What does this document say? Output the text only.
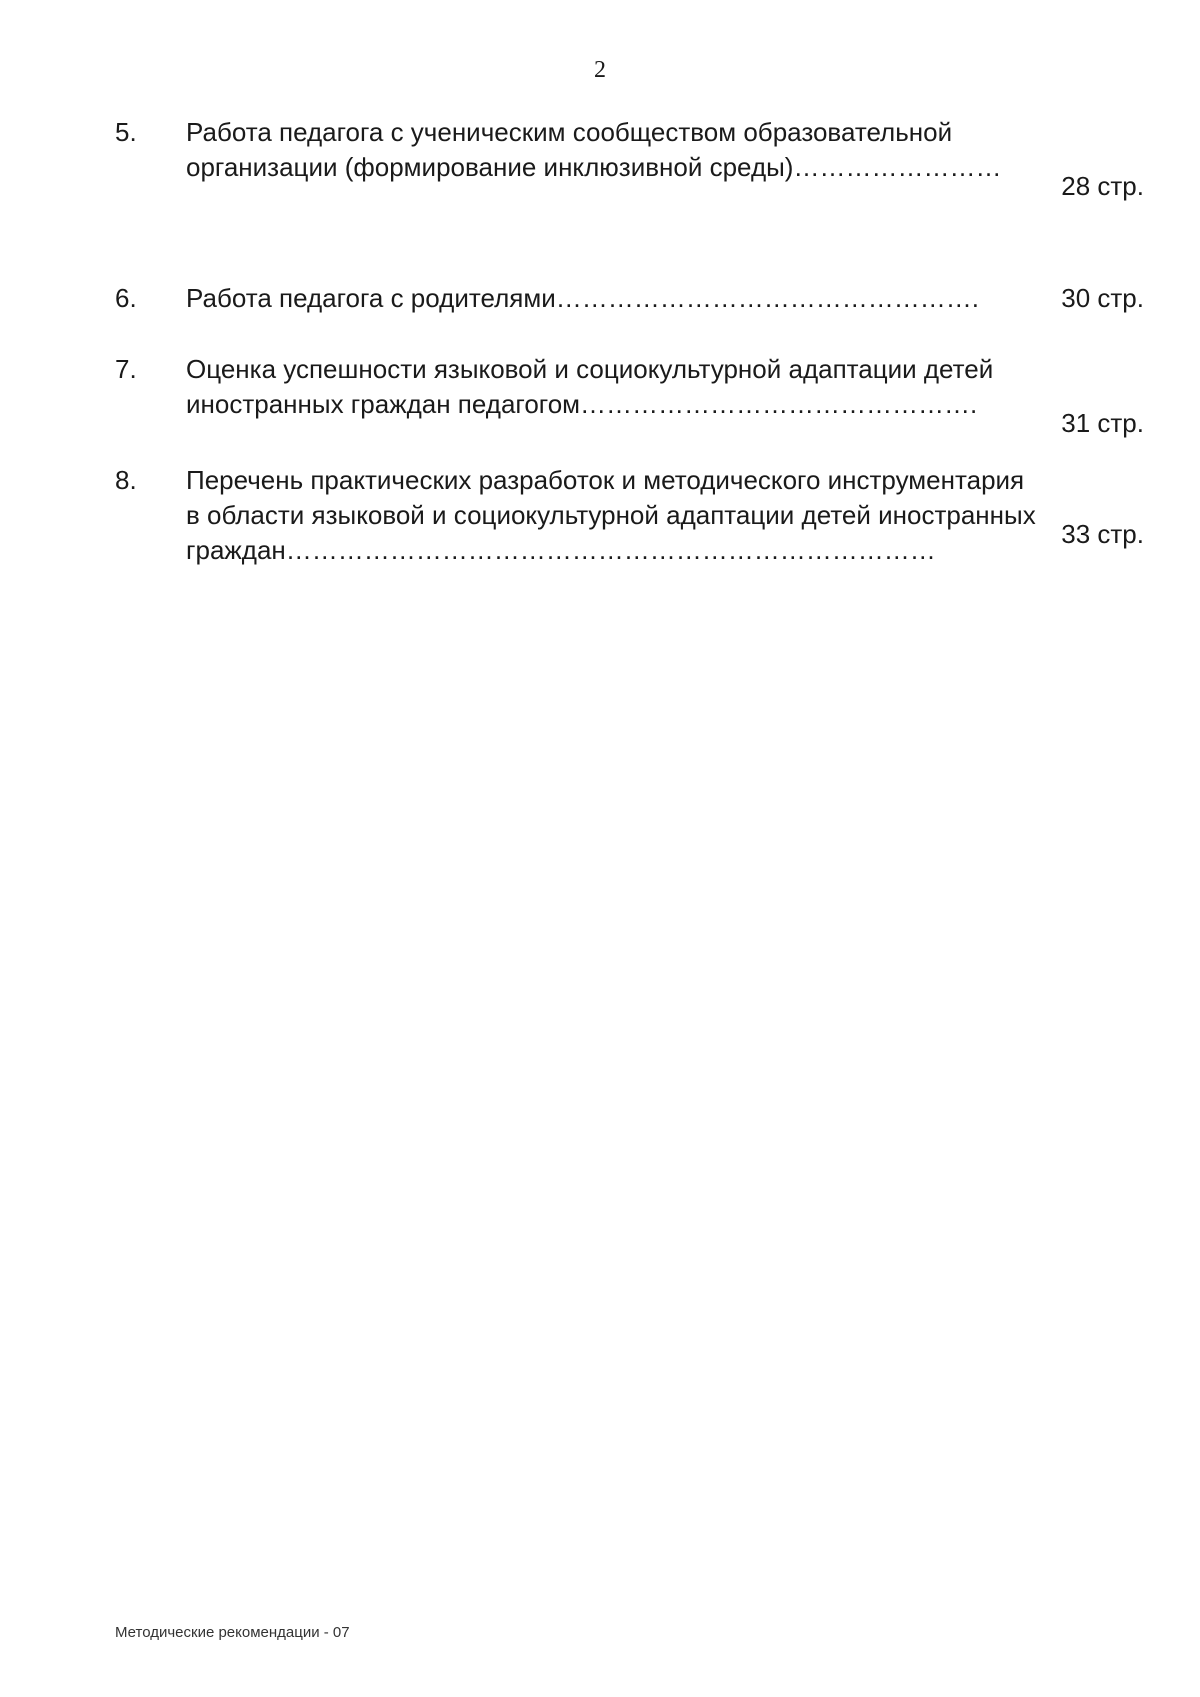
2
5. Работа педагога с ученическим сообществом образовательной
организации (формирование инклюзивной среды)……………………
28 стр.
6. Работа педагога с родителями………………………………………….	30 стр.
7. Оценка успешности языковой и социокультурной адаптации детей
иностранных граждан педагогом……………………………………….
31 стр.
8. Перечень практических разработок и методического инструментария
в области языковой и социокультурной адаптации детей иностранных
граждан…………………………………………………………………
33 стр.
Методические рекомендации - 07
